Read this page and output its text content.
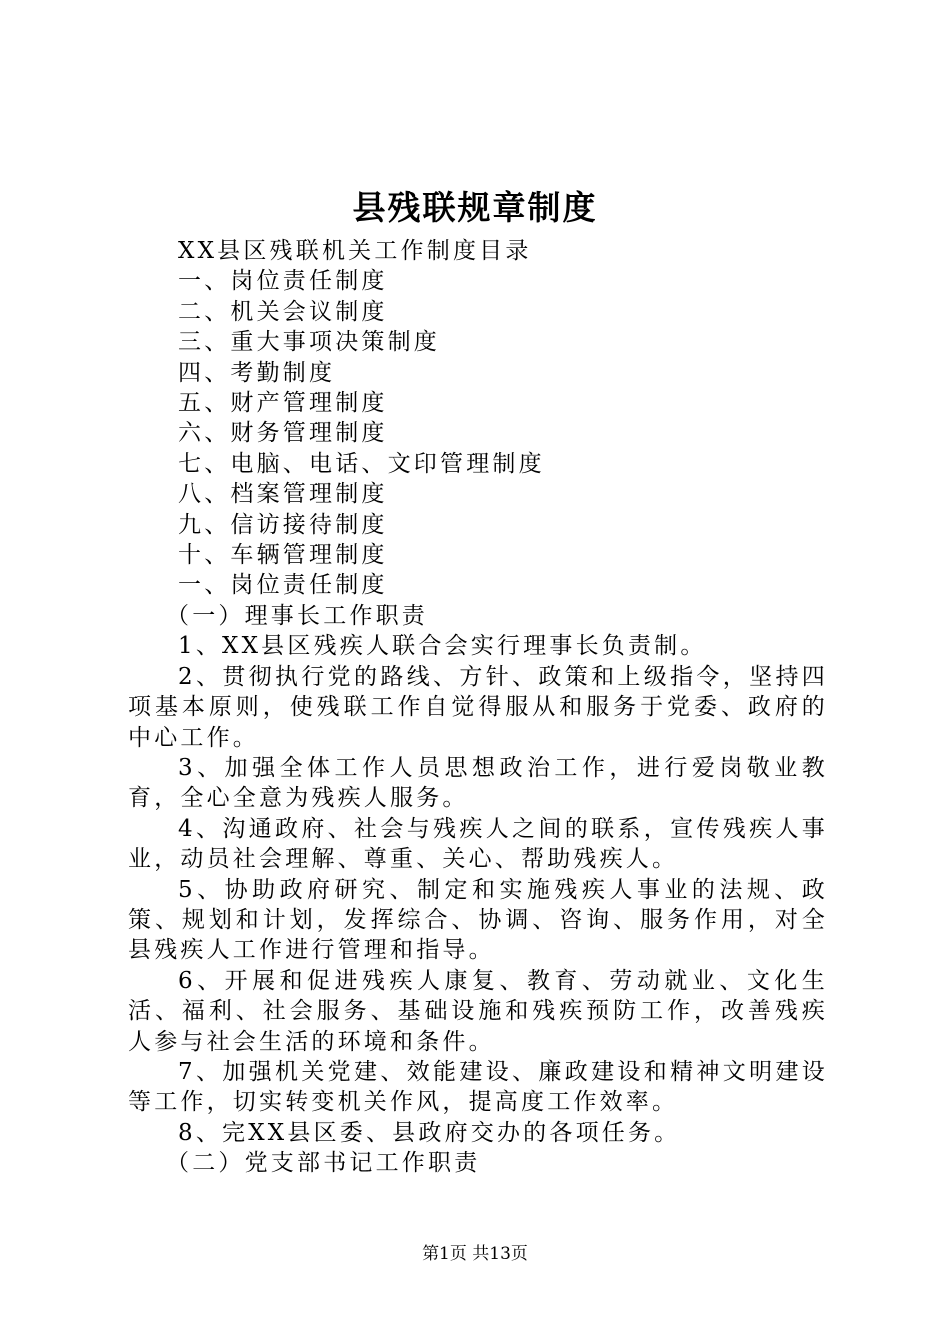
县残联规章制度

XX县区残联机关工作制度目录

一、岗位责任制度

二、机关会议制度

三、重大事项决策制度

四、考勤制度

五、财产管理制度

六、财务管理制度

七、电脑、电话、文印管理制度

八、档案管理制度

九、信访接待制度

十、车辆管理制度

一、岗位责任制度

（一）理事长工作职责

1、XX县区残疾人联合会实行理事长负责制。

2、贯彻执行党的路线、方针、政策和上级指令，坚持四项基本原则，使残联工作自觉得服从和服务于党委、政府的中心工作。

3、加强全体工作人员思想政治工作，进行爱岗敬业教育，全心全意为残疾人服务。

4、沟通政府、社会与残疾人之间的联系，宣传残疾人事业，动员社会理解、尊重、关心、帮助残疾人。

5、协助政府研究、制定和实施残疾人事业的法规、政策、规划和计划，发挥综合、协调、咨询、服务作用，对全县残疾人工作进行管理和指导。

6、开展和促进残疾人康复、教育、劳动就业、文化生活、福利、社会服务、基础设施和残疾预防工作，改善残疾人参与社会生活的环境和条件。

7、加强机关党建、效能建设、廉政建设和精神文明建设等工作，切实转变机关作风，提高度工作效率。

8、完XX县区委、县政府交办的各项任务。

（二）党支部书记工作职责

第1页 共13页
